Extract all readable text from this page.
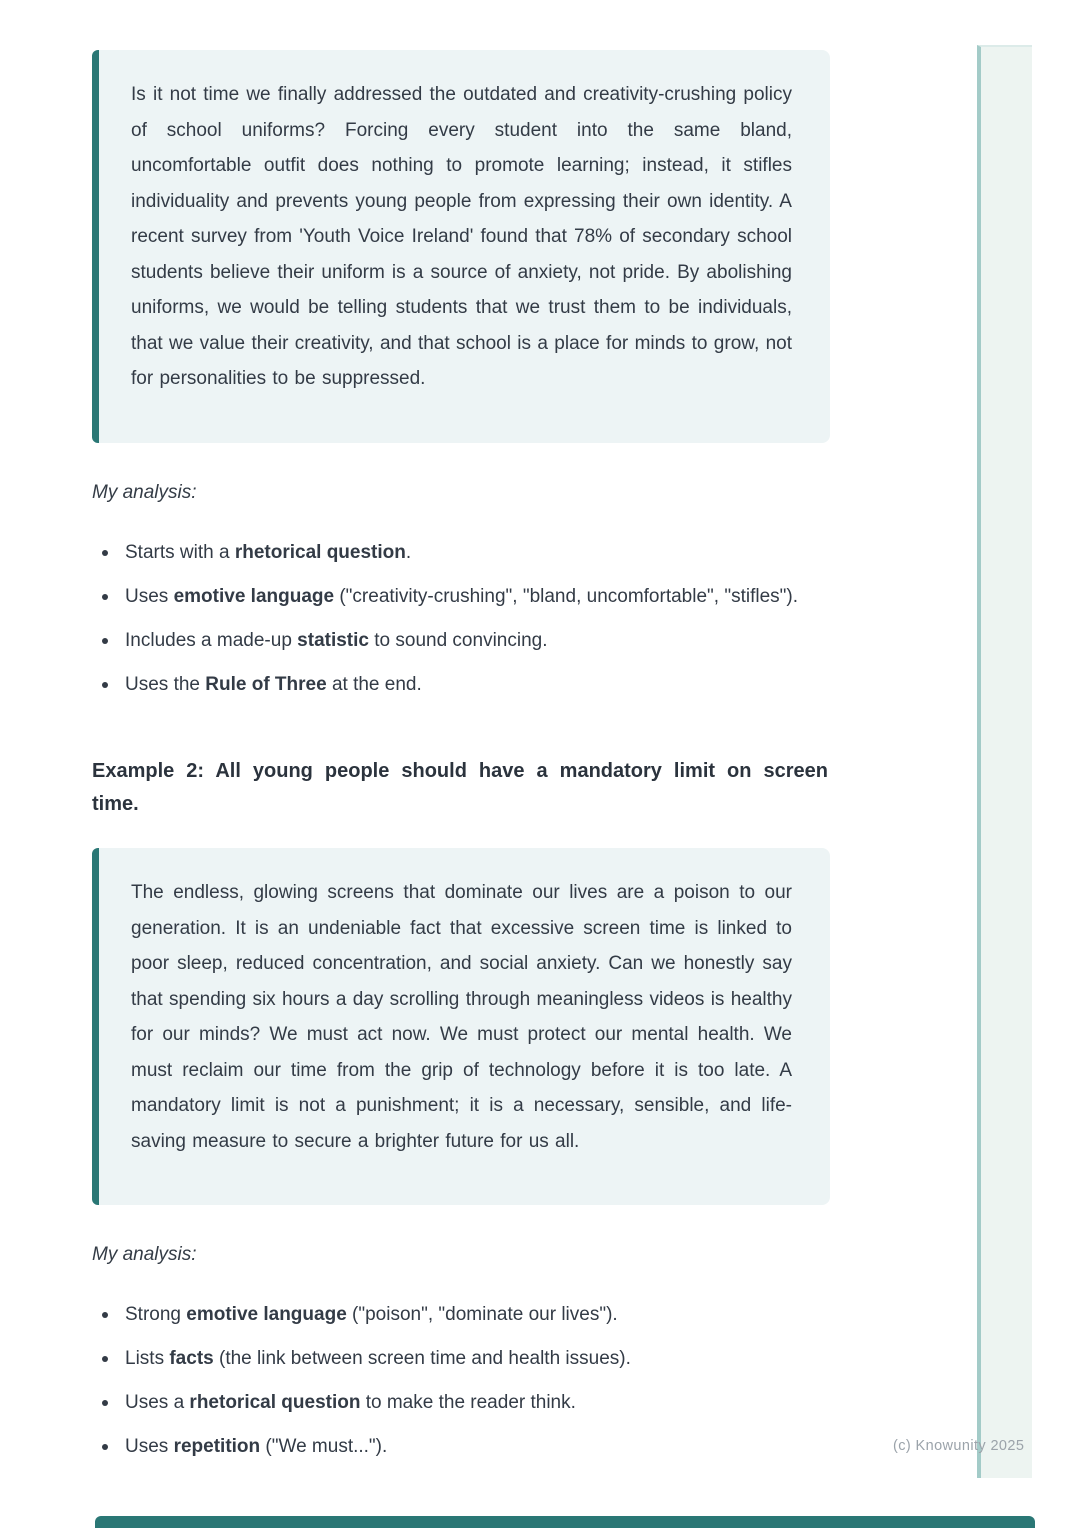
Is it not time we finally addressed the outdated and creativity-crushing policy of school uniforms? Forcing every student into the same bland, uncomfortable outfit does nothing to promote learning; instead, it stifles individuality and prevents young people from expressing their own identity. A recent survey from 'Youth Voice Ireland' found that 78% of secondary school students believe their uniform is a source of anxiety, not pride. By abolishing uniforms, we would be telling students that we trust them to be individuals, that we value their creativity, and that school is a place for minds to grow, not for personalities to be suppressed.

My analysis:

Starts with a rhetorical question.
Uses emotive language ("creativity-crushing", "bland, uncomfortable", "stifles").
Includes a made-up statistic to sound convincing.
Uses the Rule of Three at the end.
Example 2: All young people should have a mandatory limit on screen time.

The endless, glowing screens that dominate our lives are a poison to our generation. It is an undeniable fact that excessive screen time is linked to poor sleep, reduced concentration, and social anxiety. Can we honestly say that spending six hours a day scrolling through meaningless videos is healthy for our minds? We must act now. We must protect our mental health. We must reclaim our time from the grip of technology before it is too late. A mandatory limit is not a punishment; it is a necessary, sensible, and life-saving measure to secure a brighter future for us all.

My analysis:

Strong emotive language ("poison", "dominate our lives").
Lists facts (the link between screen time and health issues).
Uses a rhetorical question to make the reader think.
Uses repetition ("We must...").	(c) Knowunity 2025
